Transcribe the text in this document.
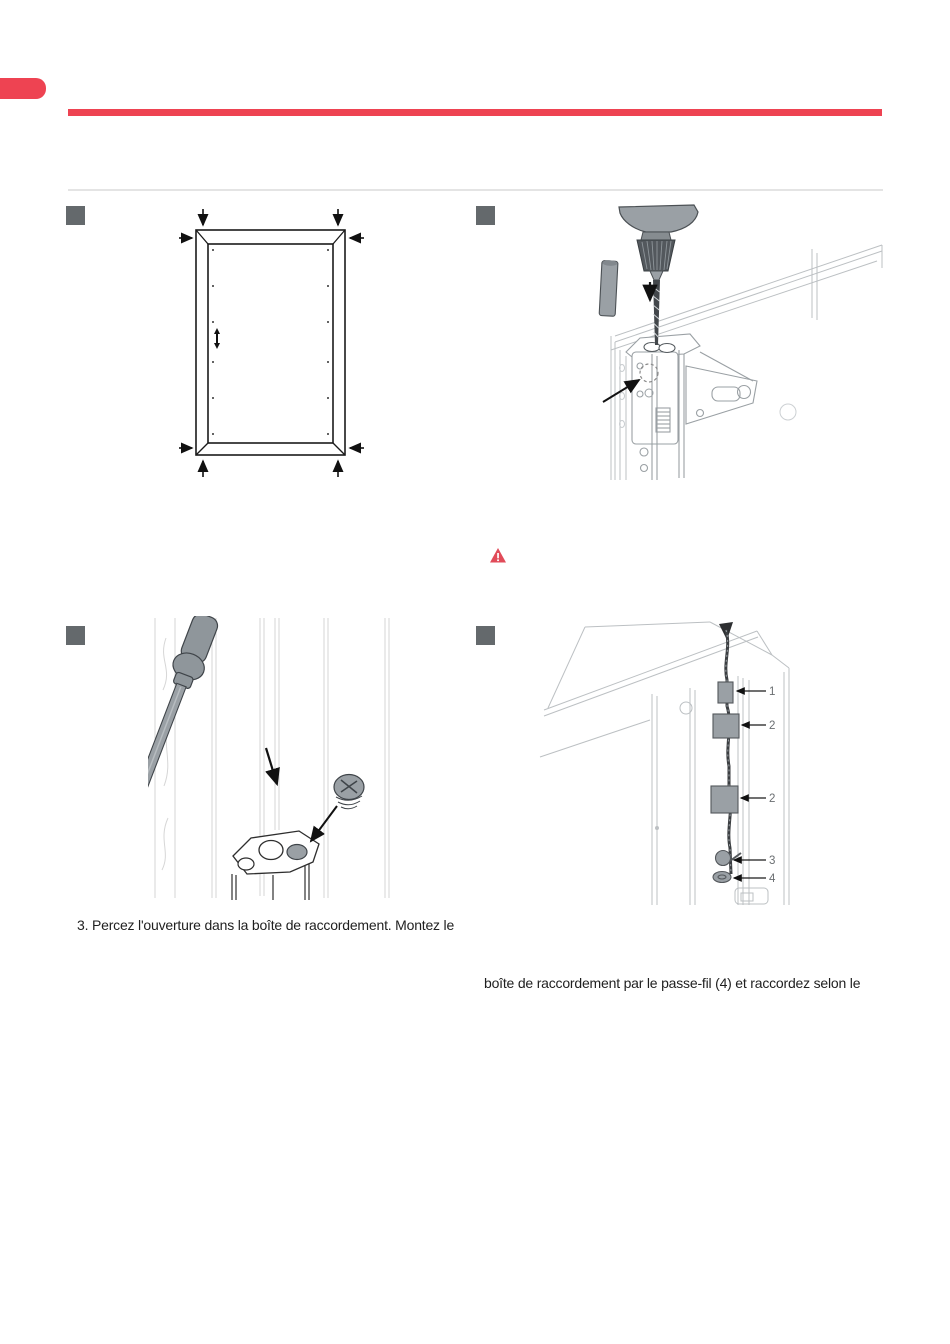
1
2
2
3
4

3. Percez l'ouverture dans la boîte de raccordement. Montez le

boîte de raccordement par le passe-fil (4) et raccordez selon le
